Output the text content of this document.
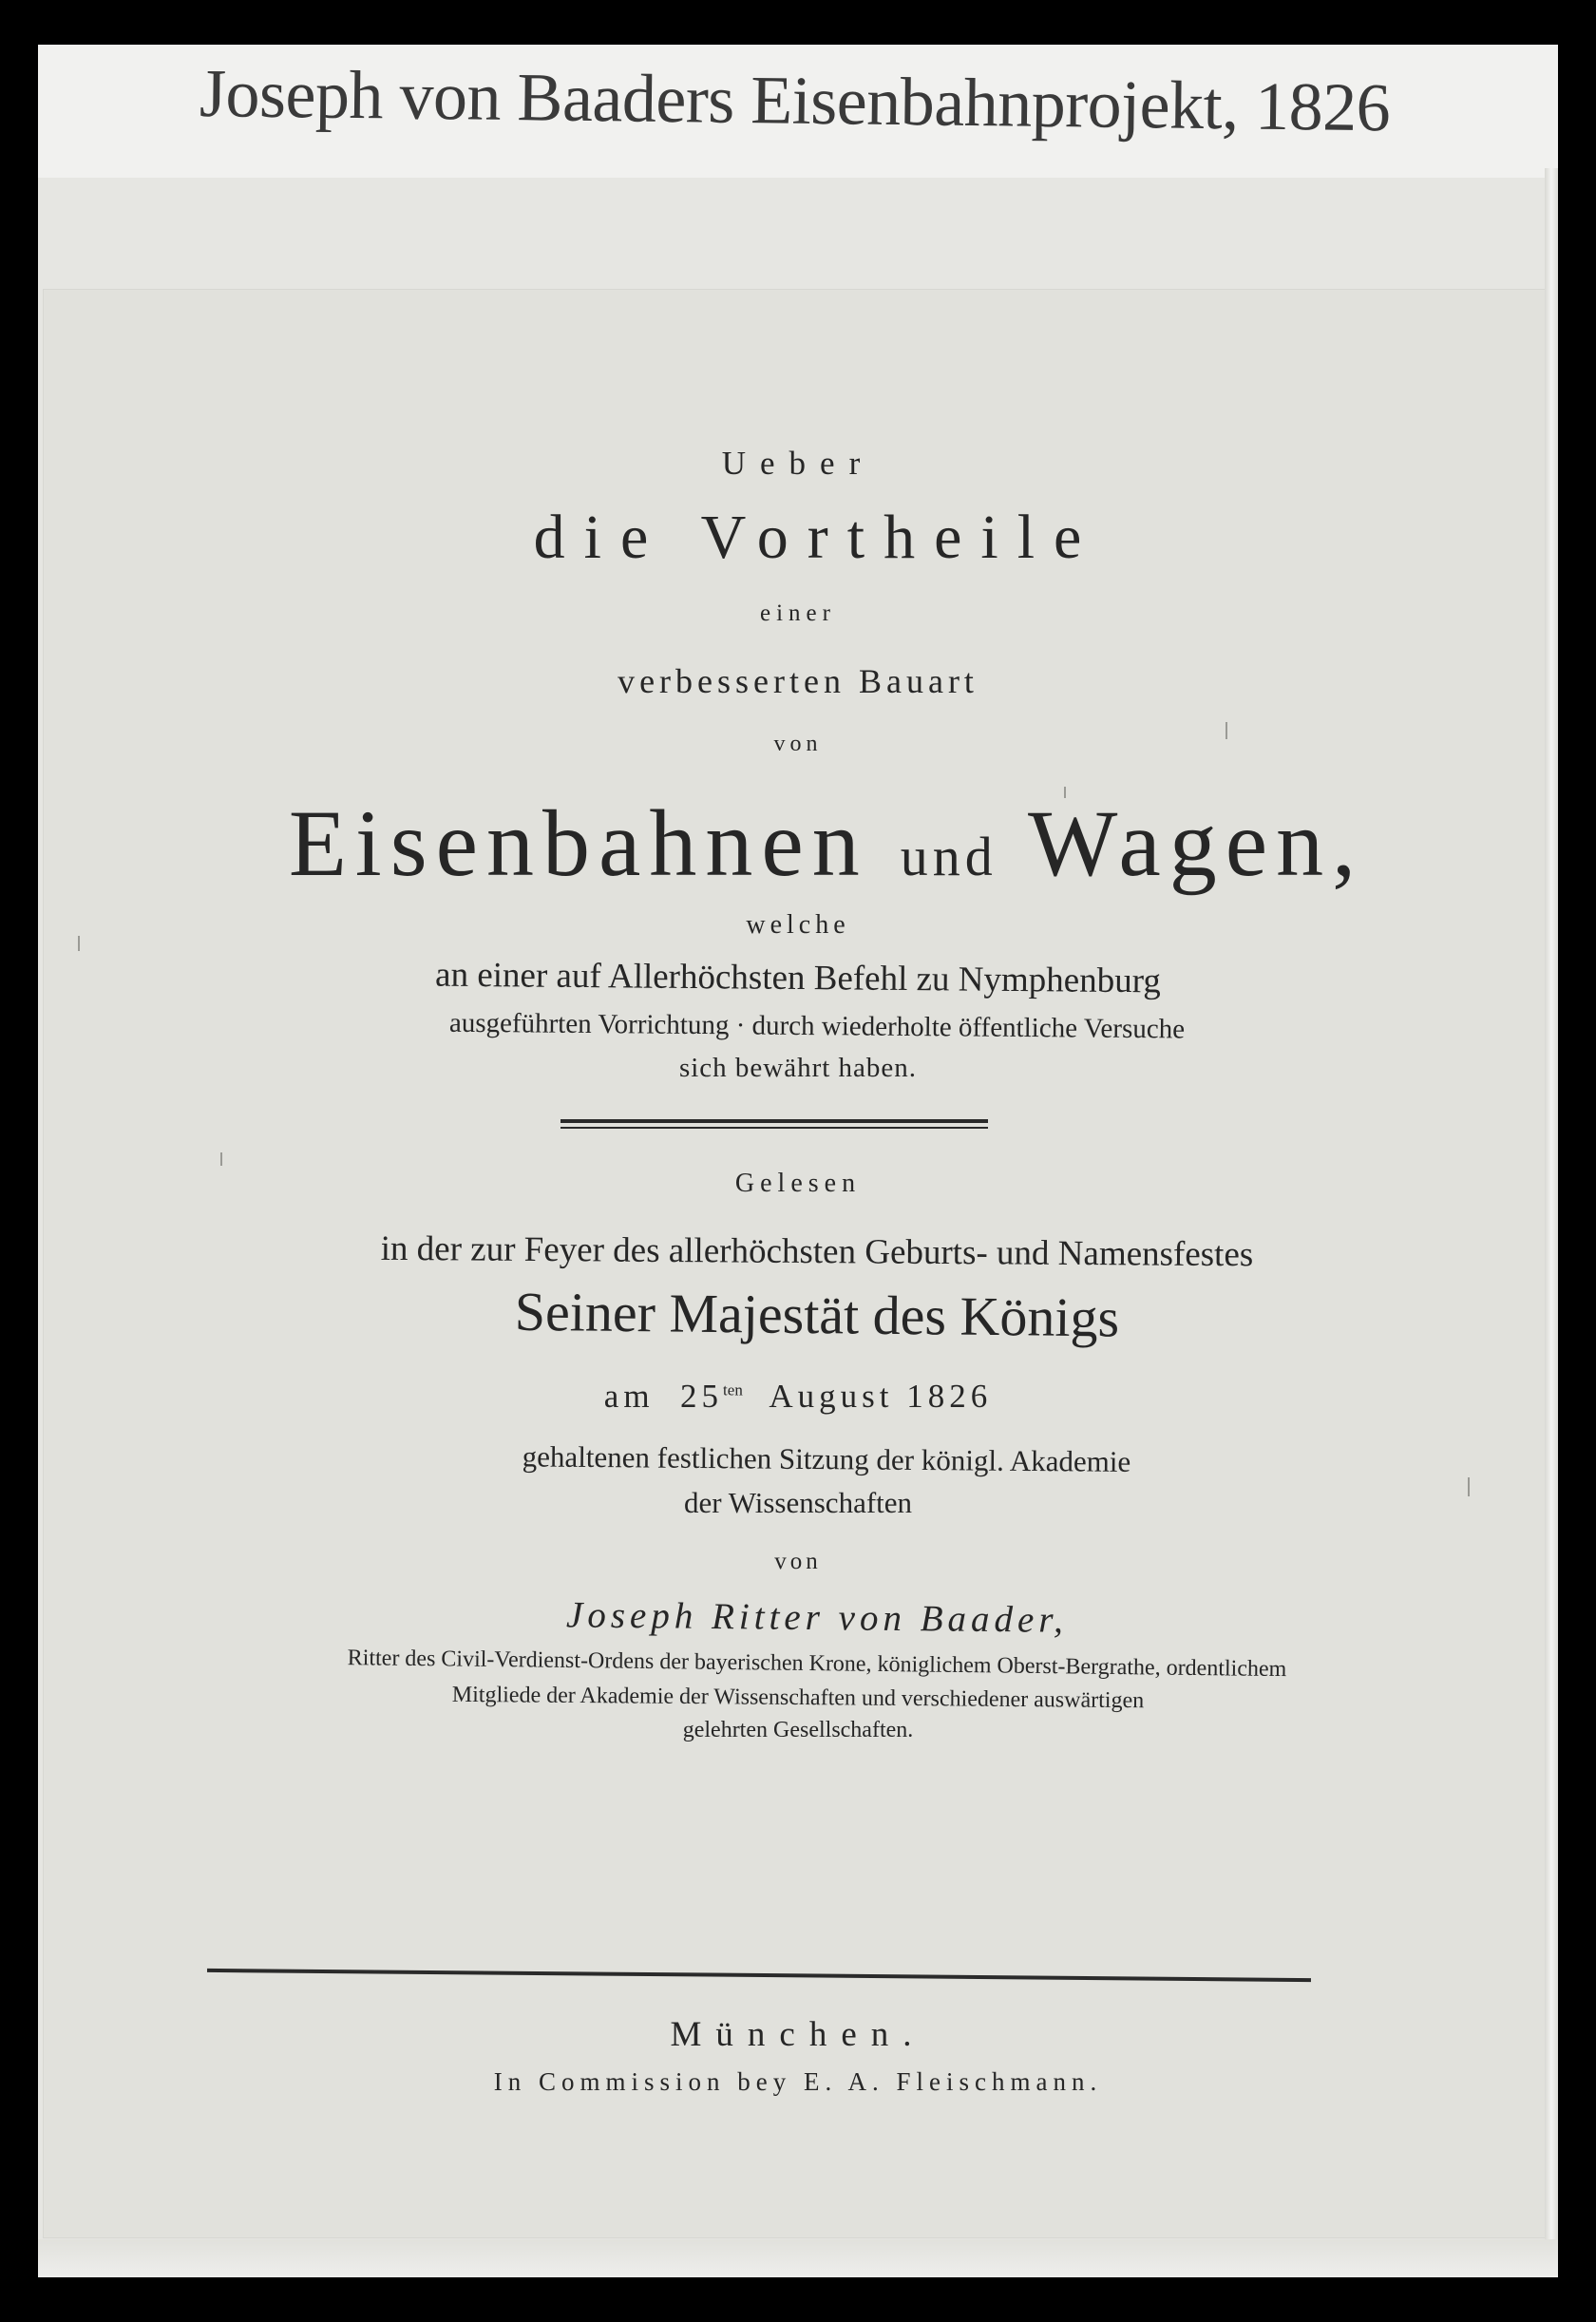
Joseph von Baaders Eisenbahnprojekt, 1826
Ueber
die Vortheile
einer
verbesserten Bauart
von
Eisenbahnen und Wagen,
welche
an einer auf Allerhöchsten Befehl zu Nymphenburg
ausgeführten Vorrichtung · durch wiederholte öffentliche Versuche
sich bewährt haben.
Gelesen
in der zur Feyer des allerhöchsten Geburts- und Namensfestes
Seiner Majestät des Königs
am $25^{ten}$ August 1826
gehaltenen festlichen Sitzung der königl. Akademie
der Wissenschaften
von
Joseph Ritter von Baader,
Ritter des Civil-Verdienst-Ordens der bayerischen Krone, königlichem Oberst-Bergrathe, ordentlichem
Mitgliede der Akademie der Wissenschaften und verschiedener auswärtigen
gelehrten Gesellschaften.
München.
In Commission bey E. A. Fleischmann.
